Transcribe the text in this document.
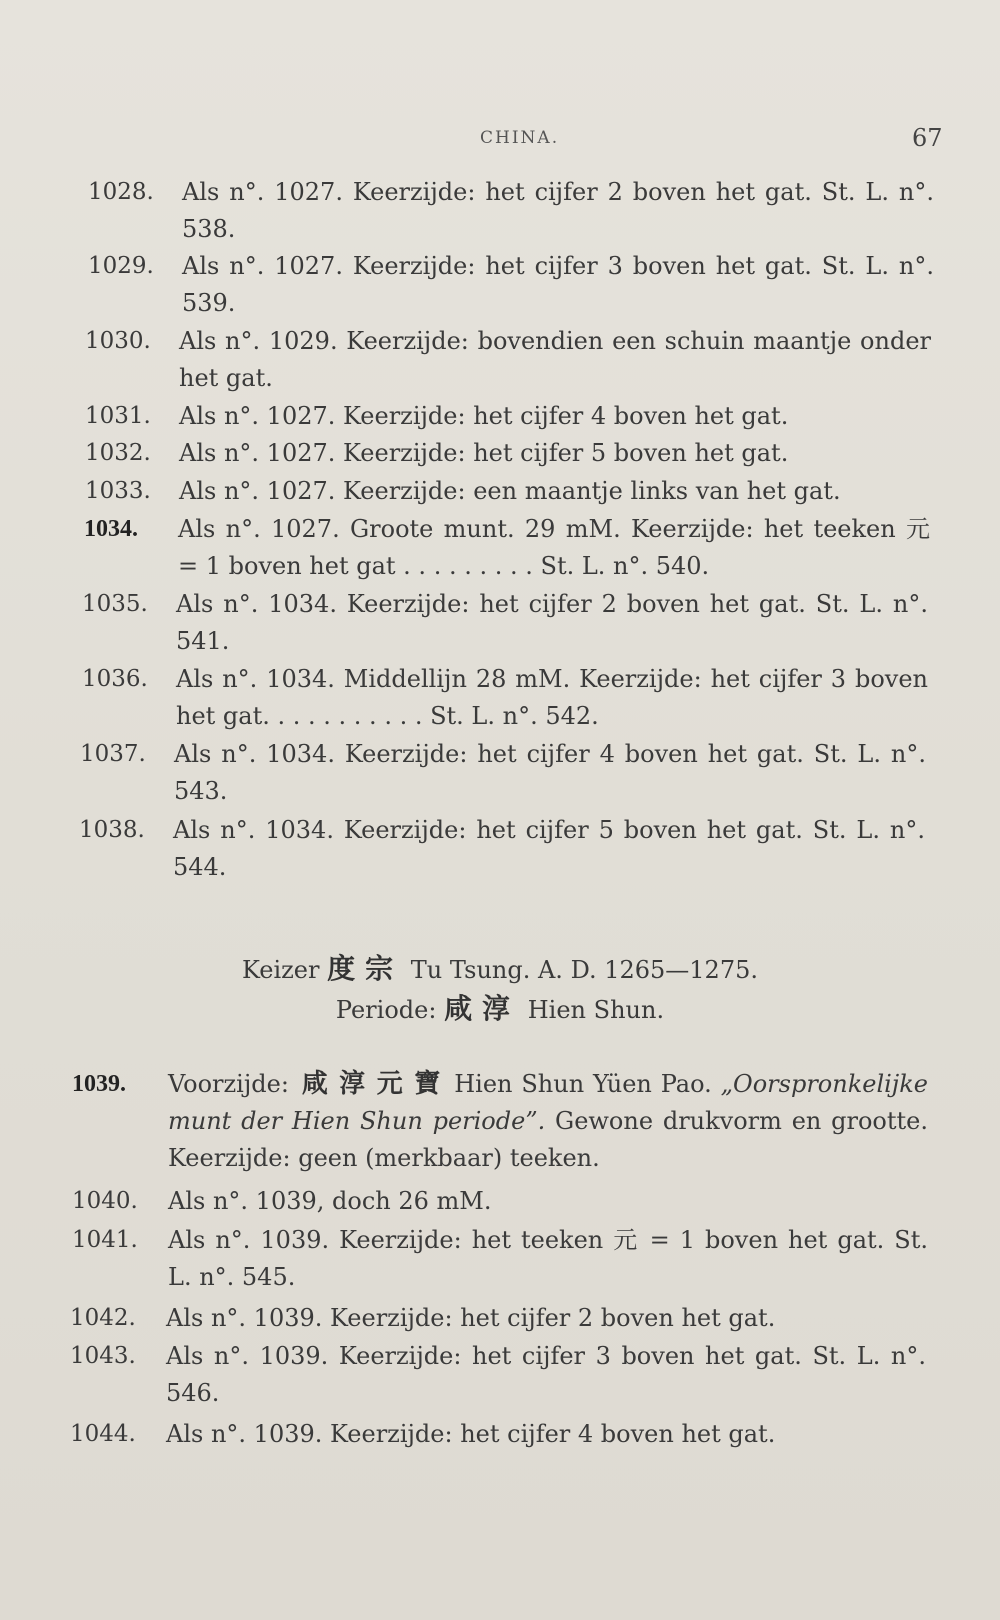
CHINA.	67
1028.	Als n°. 1027. Keerzijde: het cijfer 2 boven het gat. St. L. n°. 538.
1029.	Als n°. 1027. Keerzijde: het cijfer 3 boven het gat. St. L. n°. 539.
1030.	Als n°. 1029. Keerzijde: bovendien een schuin maantje onder het gat.
1031.	Als n°. 1027. Keerzijde: het cijfer 4 boven het gat.
1032.	Als n°. 1027. Keerzijde: het cijfer 5 boven het gat.
1033.	Als n°. 1027. Keerzijde: een maantje links van het gat.
1034.	Als n°. 1027. Groote munt. 29 mM. Keerzijde: het teeken 元 = 1 boven het gat . . . . . . . . . St. L. n°. 540.
1035.	Als n°. 1034. Keerzijde: het cijfer 2 boven het gat. St. L. n°. 541.
1036.	Als n°. 1034. Middellijn 28 mM. Keerzijde: het cijfer 3 boven het gat. . . . . . . . . . . St. L. n°. 542.
1037.	Als n°. 1034. Keerzijde: het cijfer 4 boven het gat. St. L. n°. 543.
1038.	Als n°. 1034. Keerzijde: het cijfer 5 boven het gat. St. L. n°. 544.
Keizer 度宗 Tu Tsung. A. D. 1265—1275.
Periode: 咸淳 Hien Shun.
1039.	Voorzijde: 咸 淳 元 寶 Hien Shun Yüen Pao. „Oorspronkelijke munt der Hien Shun periode”. Gewone drukvorm en grootte. Keerzijde: geen (merkbaar) teeken.
1040.	Als n°. 1039, doch 26 mM.
1041.	Als n°. 1039. Keerzijde: het teeken 元 = 1 boven het gat. St. L. n°. 545.
1042.	Als n°. 1039. Keerzijde: het cijfer 2 boven het gat.
1043.	Als n°. 1039. Keerzijde: het cijfer 3 boven het gat. St. L. n°. 546.
1044.	Als n°. 1039. Keerzijde: het cijfer 4 boven het gat.
